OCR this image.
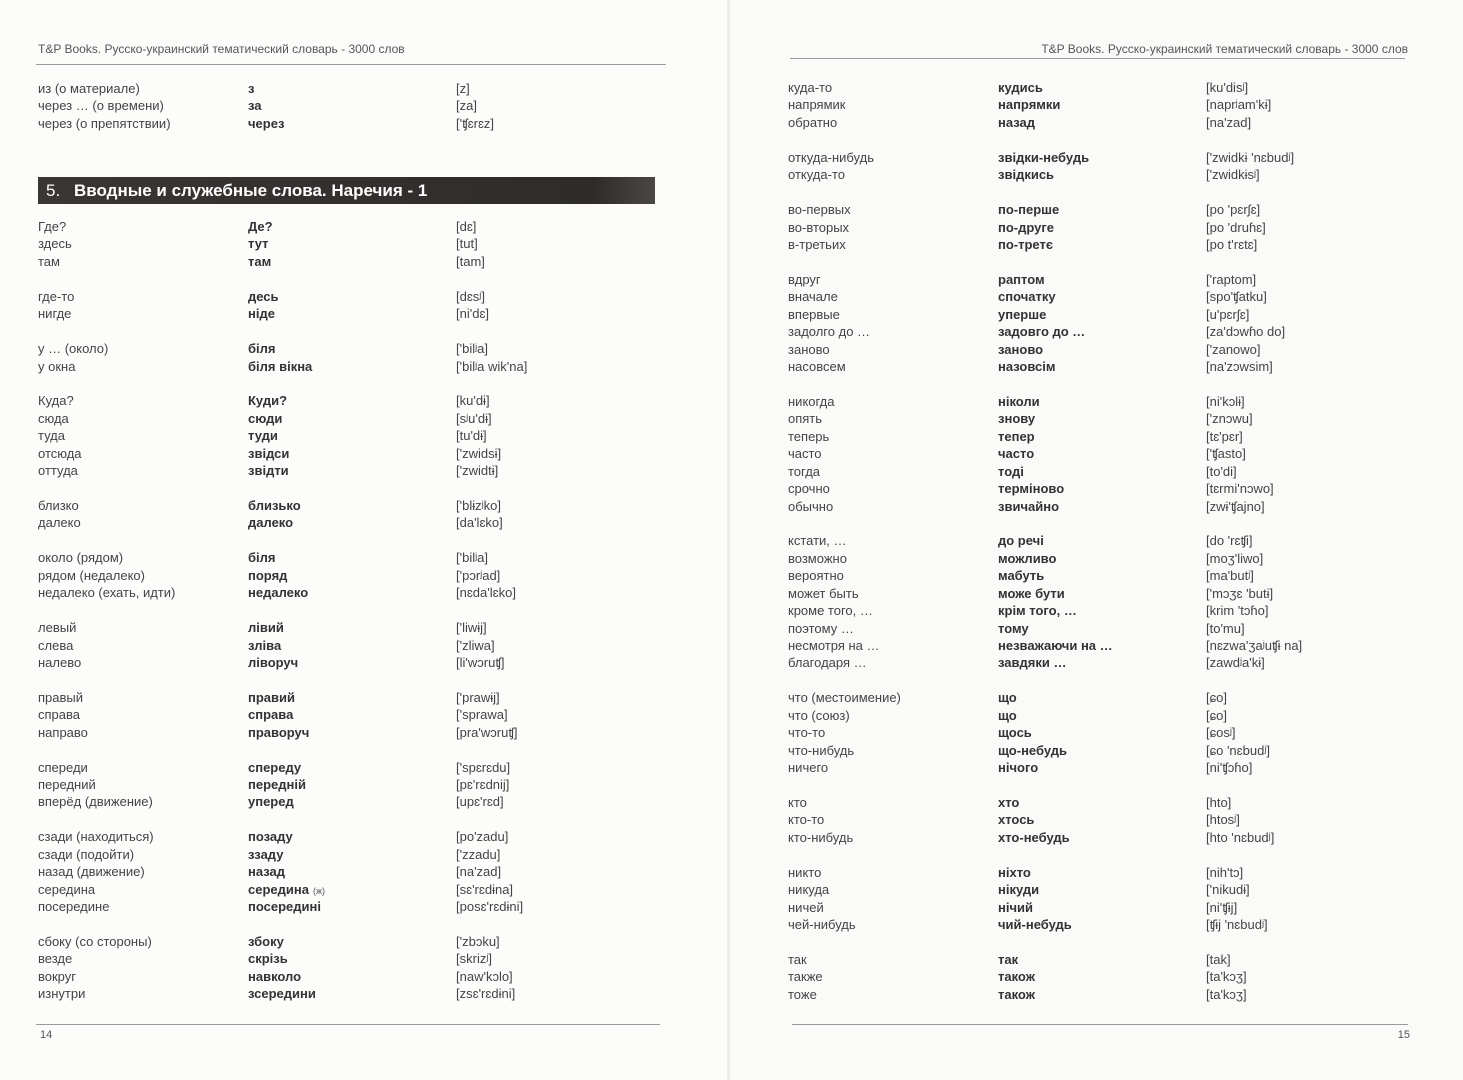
T&P Books. Русско-украинский тематический словарь - 3000 слов
из (о материале)	з	[z]
через … (о времени)	за	[za]
через (о препятствии)	через	['ʧɛrɛz]
5. Вводные и служебные слова. Наречия - 1
Где?	Де?	[dɛ]
здесь	тут	[tut]
там	там	[tam]
где-то	десь	[dɛsʲ]
нигде	ніде	[ni'dɛ]
у … (около)	біля	['bilʲa]
у окна	біля вікна	['bilʲa wik'na]
Куда?	Куди?	[ku'dɨ]
сюда	сюди	[sʲu'dɨ]
туда	туди	[tu'dɨ]
отсюда	звідси	['zwidsɨ]
оттуда	звідти	['zwidtɨ]
близко	близько	['blɨzʲko]
далеко	далеко	[da'lɛko]
около (рядом)	біля	['bilʲa]
рядом (недалеко)	поряд	['pɔrʲad]
недалеко (ехать, идти)	недалеко	[nɛda'lɛko]
левый	лівий	['liwɨj]
слева	зліва	['zliwa]
налево	ліворуч	[li'wɔruʧ]
правый	правий	['prawɨj]
справа	справа	['sprawa]
направо	праворуч	[pra'wɔruʧ]
спереди	спереду	['spɛrɛdu]
передний	передній	[pɛ'rɛdnij]
вперёд (движение)	уперед	[upɛ'rɛd]
сзади (находиться)	позаду	[po'zadu]
сзади (подойти)	ззаду	['zzadu]
назад (движение)	назад	[na'zad]
середина	середина (ж)	[sɛ'rɛdɨna]
посередине	посередині	[posɛ'rɛdɨni]
сбоку (со стороны)	збоку	['zbɔku]
везде	скрізь	[skrizʲ]
вокруг	навколо	[naw'kɔlo]
изнутри	зсередини	[zsɛ'rɛdɨni]
14
T&P Books. Русско-украинский тематический словарь - 3000 слов
куда-то	кудись	[ku'disʲ]
напрямик	напрямки	[naprʲam'kɨ]
обратно	назад	[na'zad]
откуда-нибудь	звідки-небудь	['zwidkɨ 'nɛbudʲ]
откуда-то	звідкись	['zwidkɨsʲ]
во-первых	по-перше	[po 'pɛrʃɛ]
во-вторых	по-друге	[po 'druɦɛ]
в-третьих	по-третє	[po t'rɛtɛ]
вдруг	раптом	['raptom]
вначале	спочатку	[spo'ʧatku]
впервые	уперше	[u'pɛrʃɛ]
задолго до …	задовго до …	[za'dɔwɦo do]
заново	заново	['zanowo]
насовсем	назовсім	[na'zɔwsim]
никогда	ніколи	[ni'kɔlɨ]
опять	знову	['znɔwu]
теперь	тепер	[tɛ'pɛr]
часто	часто	['ʧasto]
тогда	тоді	[to'di]
срочно	терміново	[tɛrmi'nɔwo]
обычно	звичайно	[zwɨ'ʧajno]
кстати, …	до речі	[do 'rɛʧi]
возможно	можливо	[moʒ'liwo]
вероятно	мабуть	[ma'butʲ]
может быть	може бути	['mɔʒɛ 'butɨ]
кроме того, …	крім того, …	[krim 'tɔɦo]
поэтому …	тому	[to'mu]
несмотря на …	незважаючи на …	[nɛzwa'ʒaʲuʧɨ na]
благодаря …	завдяки …	[zawdʲa'kɨ]
что (местоимение)	що	[ɕo]
что (союз)	що	[ɕo]
что-то	щось	[ɕosʲ]
что-нибудь	що-небудь	[ɕo 'nɛbudʲ]
ничего	нічого	[ni'ʧɔɦo]
кто	хто	[hto]
кто-то	хтось	[htosʲ]
кто-нибудь	хто-небудь	[hto 'nɛbudʲ]
никто	ніхто	[nih'tɔ]
никуда	нікуди	['nikudɨ]
ничей	нічий	[ni'ʧɨj]
чей-нибудь	чий-небудь	[ʧɨj 'nɛbudʲ]
так	так	[tak]
также	також	[ta'kɔʒ]
тоже	також	[ta'kɔʒ]
15
